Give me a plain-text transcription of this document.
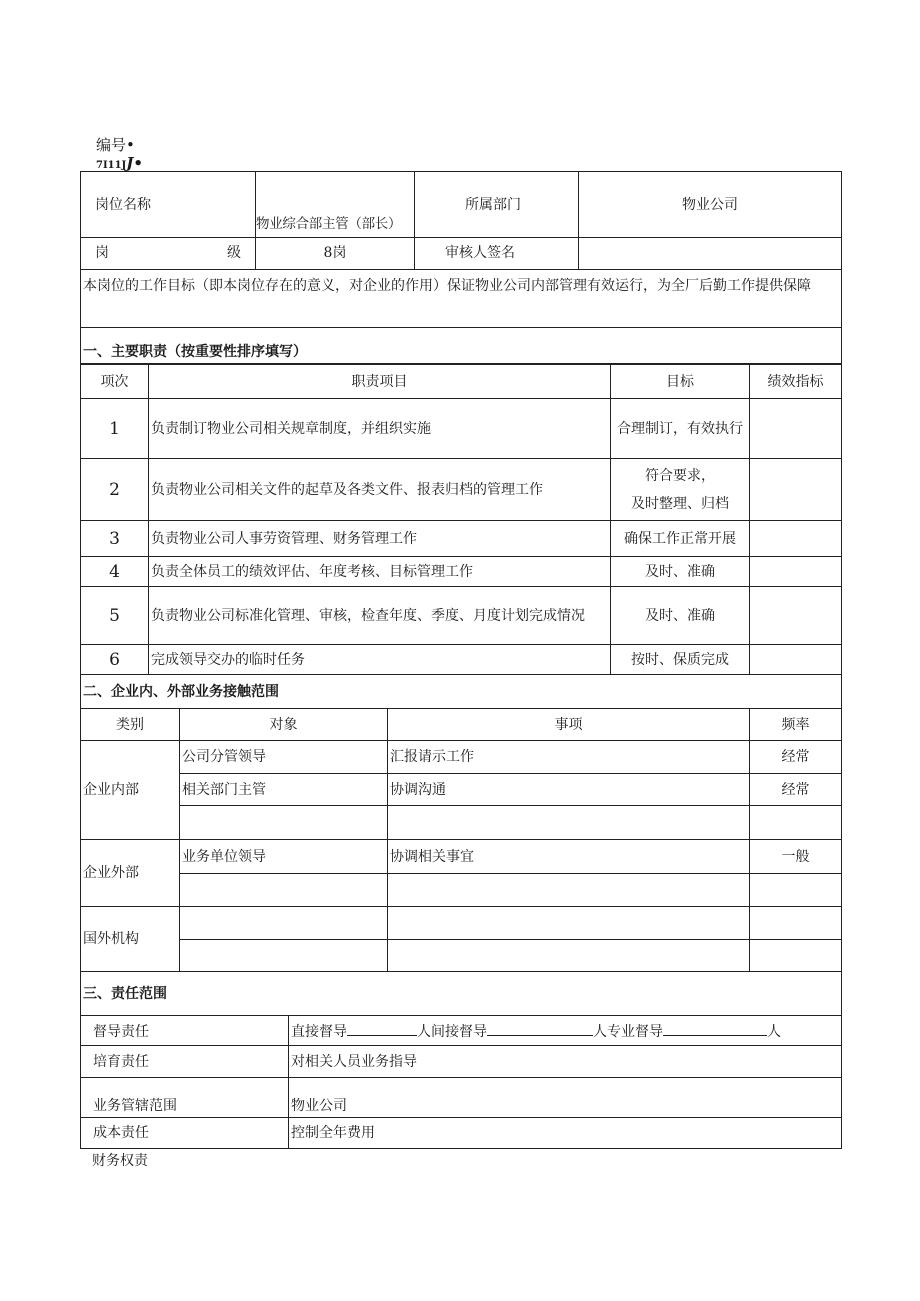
编号•
7I11JJ•
岗位名称	物业综合部主管（部长）	所属部门	物业公司
岗 级	8岗	审核人签名	
本岗位的工作目标（即本岗位存在的意义，对企业的作用）保证物业公司内部管理有效运行，为全厂后勤工作提供保障			
一、主要职责（按重要性排序填写）			
项次	职责项目	目标	绩效指标
1	负责制订物业公司相关规章制度，并组织实施	合理制订，有效执行	
2	负责物业公司相关文件的起草及各类文件、报表归档的管理工作	符合要求，
及时整理、归档	

3	负责物业公司人事劳资管理、财务管理工作	确保工作正常开展	
4	负责全体员工的绩效评估、年度考核、目标管理工作	及时、准确	
5	负责物业公司标准化管理、审核，检查年度、季度、月度计划完成情况	及时、准确	
6	完成领导交办的临时任务	按时、保质完成	
二、企业内、外部业务接触范围			
类别	对象	事项	频率
企业内部	公司分管领导	汇报请示工作	经常
	相关部门主管	协调沟通	经常

企业外部	业务单位领导	协调相关事宜	一般

国外机构			

三、责任范围	
督导责任	直接督导 人间接督导 人专业督导 人
培育责任	对相关人员业务指导
业务管辖范围	物业公司
成本责任	控制全年费用
财务权责
